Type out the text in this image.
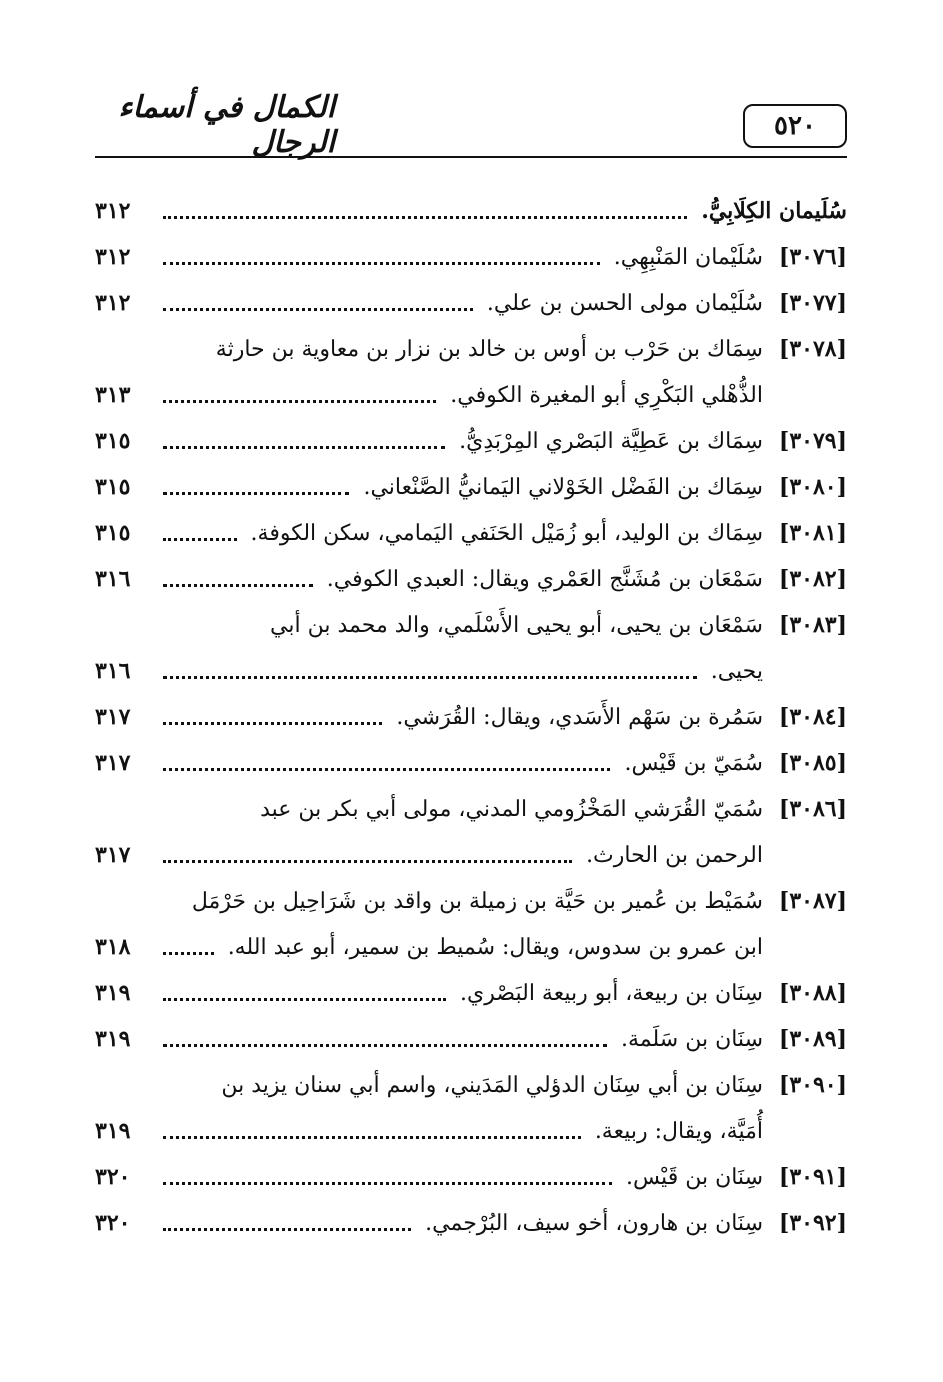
٥٢٠
الكمال في أسماء الرجال
سُلَيمان الكِلَابِيُّ.
٣١٢
[٣٠٧٦]
سُلَيْمان المَنْبِهِي.
٣١٢
[٣٠٧٧]
سُلَيْمان مولى الحسن بن علي.
٣١٢
[٣٠٧٨]
سِمَاك بن حَرْب بن أوس بن خالد بن نزار بن معاوية بن حارثة
الذُّهْلي البَكْرِي أبو المغيرة الكوفي.
٣١٣
[٣٠٧٩]
سِمَاك بن عَطِيَّة البَصْري المِرْبَدِيُّ.
٣١٥
[٣٠٨٠]
سِمَاك بن الفَضْل الخَوْلاني اليَمانيُّ الصَّنْعاني.
٣١٥
[٣٠٨١]
سِمَاك بن الوليد، أبو زُمَيْل الحَنَفي اليَمامي، سكن الكوفة.
٣١٥
[٣٠٨٢]
سَمْعَان بن مُشَنَّج العَمْري ويقال: العبدي الكوفي.
٣١٦
[٣٠٨٣]
سَمْعَان بن يحيى، أبو يحيى الأَسْلَمي، والد محمد بن أبي
يحيى.
٣١٦
[٣٠٨٤]
سَمُرة بن سَهْم الأَسَدي، ويقال: القُرَشي.
٣١٧
[٣٠٨٥]
سُمَيّ بن قَيْس.
٣١٧
[٣٠٨٦]
سُمَيّ القُرَشي المَخْزُومي المدني، مولى أبي بكر بن عبد
الرحمن بن الحارث.
٣١٧
[٣٠٨٧]
سُمَيْط بن عُمير بن حَيَّة بن زميلة بن واقد بن شَرَاحِيل بن حَرْمَل
ابن عمرو بن سدوس، ويقال: سُميط بن سمير، أبو عبد الله.
٣١٨
[٣٠٨٨]
سِنَان بن ربيعة، أبو ربيعة البَصْري.
٣١٩
[٣٠٨٩]
سِنَان بن سَلَمة.
٣١٩
[٣٠٩٠]
سِنَان بن أبي سِنَان الدؤلي المَدَيني، واسم أبي سنان يزيد بن
أُمَيَّة، ويقال: ربيعة.
٣١٩
[٣٠٩١]
سِنَان بن قَيْس.
٣٢٠
[٣٠٩٢]
سِنَان بن هارون، أخو سيف، البُرْجمي.
٣٢٠
